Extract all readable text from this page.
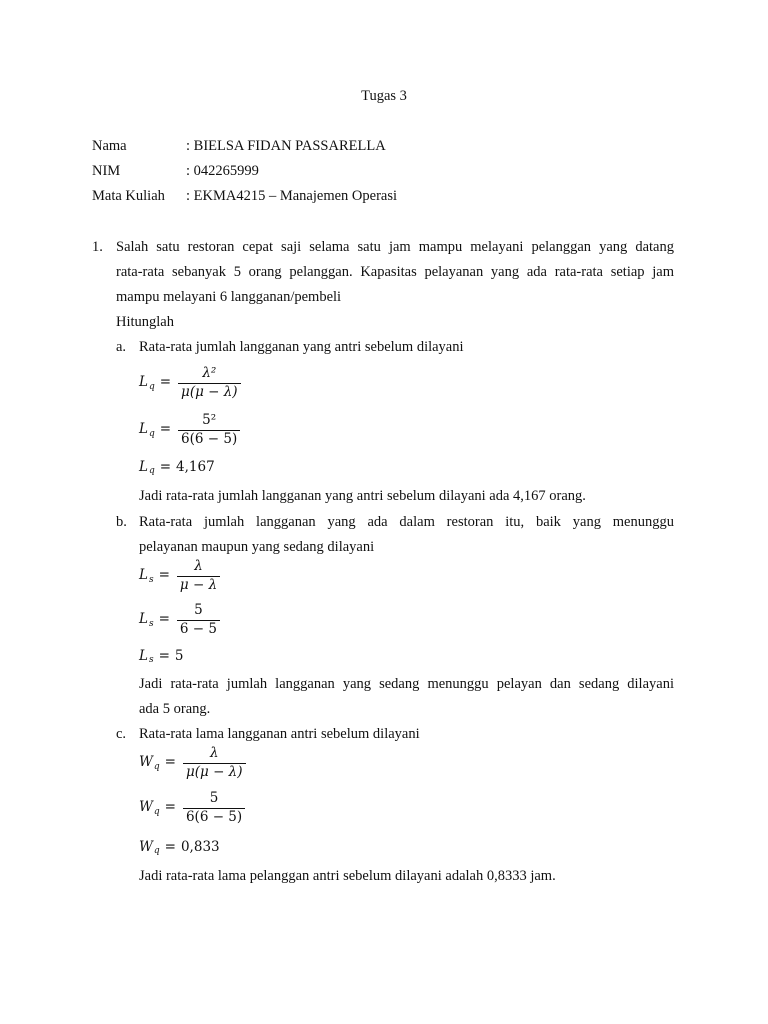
Tugas 3
Nama	: BIELSA FIDAN PASSARELLA
NIM	: 042265999
Mata Kuliah : EKMA4215 – Manajemen Operasi
1. Salah satu restoran cepat saji selama satu jam mampu melayani pelanggan yang datang
rata-rata sebanyak 5 orang pelanggan. Kapasitas pelayanan yang ada rata-rata setiap jam
mampu melayani 6 langganan/pembeli
Hitunglah
a. Rata-rata jumlah langganan yang antri sebelum dilayani
L $q = \frac{\text{λ²}}{\mu(\mu - \lambda)}$
L $q = \frac{\text{5²}}{6(6 - 5)}$
L q = 4,167
Jadi rata-rata jumlah langganan yang antri sebelum dilayani ada 4,167 orang.
b. Rata-rata jumlah langganan yang ada dalam restoran itu, baik yang menunggu
pelayanan maupun yang sedang dilayani
L $s = \frac{\lambda}{\mu - \lambda}$
L $s = \frac{5}{6 - 5}$
L s = 5
Jadi rata-rata jumlah langganan yang sedang menunggu pelayan dan sedang dilayani
ada 5 orang.
c. Rata-rata lama langganan antri sebelum dilayani
W $q = \frac{\lambda}{\mu(\mu - \lambda)}$
W $q = \frac{5}{6(6 - 5)}$
W q = 0,833
Jadi rata-rata lama pelanggan antri sebelum dilayani adalah 0,8333 jam.
